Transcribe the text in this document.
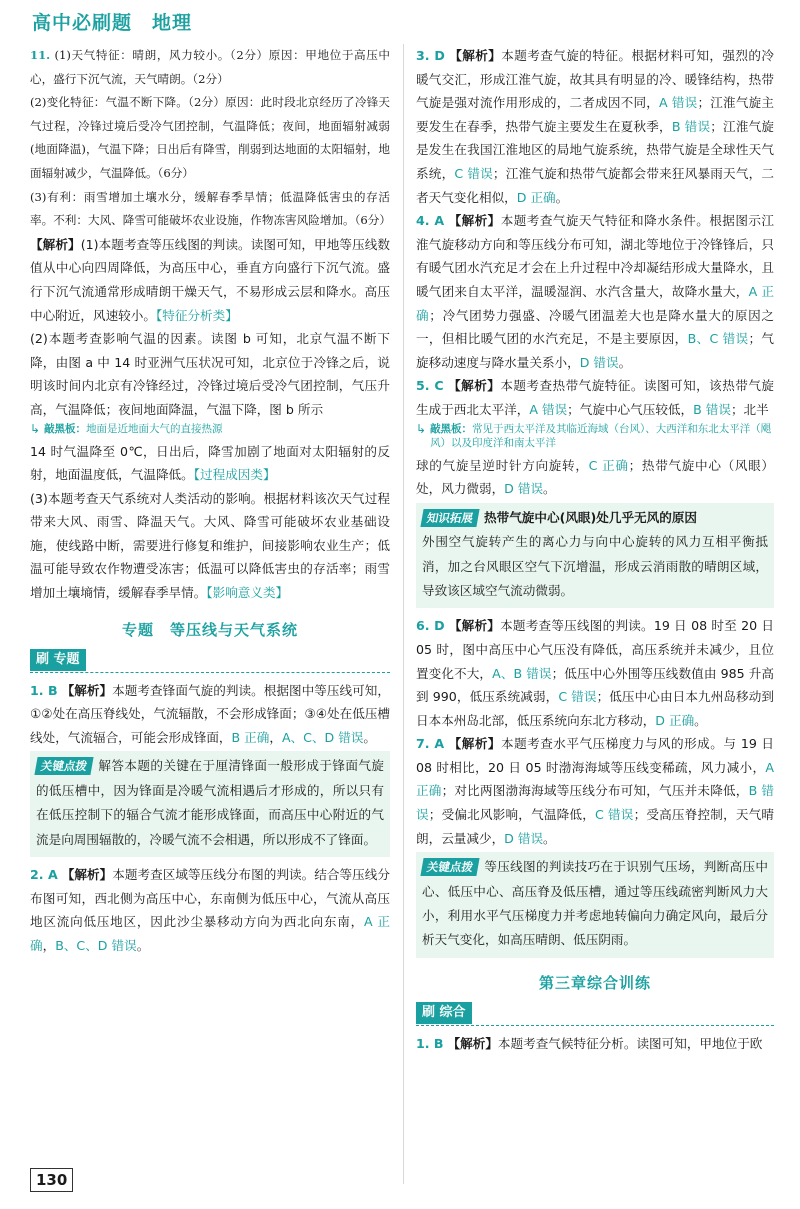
高中必刷题　地理

11. (1)天气特征：晴朗，风力较小。（2分）原因：甲地位于高压中心，盛行下沉气流，天气晴朗。（2分）

(2)变化特征：气温不断下降。（2分）原因：此时段北京经历了冷锋天气过程，冷锋过境后受冷气团控制，气温降低；夜间，地面辐射减弱(地面降温)，气温下降；日出后有降雪，削弱到达地面的太阳辐射，地面辐射减少，气温降低。（6分）

(3)有利：雨雪增加土壤水分，缓解春季旱情；低温降低害虫的存活率。不利：大风、降雪可能破坏农业设施，作物冻害风险增加。（6分）

【解析】(1)本题考查等压线图的判读。读图可知，甲地等压线数值从中心向四周降低，为高压中心，垂直方向盛行下沉气流。盛行下沉气流通常形成晴朗干燥天气，不易形成云层和降水。高压中心附近，风速较小。【特征分析类】

(2)本题考查影响气温的因素。读图 b 可知，北京气温不断下降，由图 a 中 14 时亚洲气压状况可知，北京位于冷锋之后，说明该时间内北京有冷锋经过，冷锋过境后受冷气团控制，气压升高，气温降低；夜间地面降温，气温下降，图 b 所示

↳ 敲黑板：地面是近地面大气的直接热源

14 时气温降至 0℃，日出后，降雪加剧了地面对太阳辐射的反射，地面温度低，气温降低。【过程成因类】

(3)本题考查天气系统对人类活动的影响。根据材料该次天气过程带来大风、雨雪、降温天气。大风、降雪可能破坏农业基础设施，使线路中断，需要进行修复和维护，间接影响农业生产；低温可能导致农作物遭受冻害；低温可以降低害虫的存活率；雨雪增加土壤墒情，缓解春季旱情。【影响意义类】

专题　等压线与天气系统
刷 专题

1. B 【解析】本题考查锋面气旋的判读。根据图中等压线可知，①②处在高压脊线处，气流辐散，不会形成锋面；③④处在低压槽线处，气流辐合，可能会形成锋面，B 正确，A、C、D 错误。

关键点拨 解答本题的关键在于厘清锋面一般形成于锋面气旋的低压槽中，因为锋面是冷暖气流相遇后才形成的，所以只有在低压控制下的辐合气流才能形成锋面，而高压中心附近的气流是向周围辐散的，冷暖气流不会相遇，所以形成不了锋面。

2. A 【解析】本题考查区域等压线分布图的判读。结合等压线分布图可知，西北侧为高压中心，东南侧为低压中心，气流从高压地区流向低压地区，因此沙尘暴移动方向为西北向东南，A 正确，B、C、D 错误。

3. D 【解析】本题考查气旋的特征。根据材料可知，强烈的冷暖气交汇，形成江淮气旋，故其具有明显的冷、暖锋结构，热带气旋是强对流作用形成的，二者成因不同，A 错误；江淮气旋主要发生在春季，热带气旋主要发生在夏秋季，B 错误；江淮气旋是发生在我国江淮地区的局地气旋系统，热带气旋是全球性天气系统，C 错误；江淮气旋和热带气旋都会带来狂风暴雨天气，二者天气变化相似，D 正确。

4. A 【解析】本题考查气旋天气特征和降水条件。根据图示江淮气旋移动方向和等压线分布可知，湖北等地位于冷锋锋后，只有暖气团水汽充足才会在上升过程中冷却凝结形成大量降水，且暖气团来自太平洋，温暖湿润、水汽含量大，故降水量大，A 正确；冷气团势力强盛、冷暖气团温差大也是降水量大的原因之一，但相比暖气团的水汽充足，不是主要原因，B、C 错误；气旋移动速度与降水量关系小，D 错误。

5. C 【解析】本题考查热带气旋特征。读图可知，该热带气旋生成于西北太平洋，A 错误；气旋中心气压较低，B 错误；北半

↳ 敲黑板：常见于西太平洋及其临近海域（台风）、大西洋和东北太平洋（飓风）以及印度洋和南太平洋

球的气旋呈逆时针方向旋转，C 正确；热带气旋中心（风眼）处，风力微弱，D 错误。

知识拓展 热带气旋中心(风眼)处几乎无风的原因

外围空气旋转产生的离心力与向中心旋转的风力互相平衡抵消，加之台风眼区空气下沉增温，形成云消雨散的晴朗区域，导致该区域空气流动微弱。

6. D 【解析】本题考查等压线图的判读。19 日 08 时至 20 日 05 时，图中高压中心气压没有降低，高压系统并未减少，且位置变化不大，A、B 错误；低压中心外围等压线数值由 985 升高到 990，低压系统减弱，C 错误；低压中心由日本九州岛移动到日本本州岛北部，低压系统向东北方移动，D 正确。

7. A 【解析】本题考查水平气压梯度力与风的形成。与 19 日 08 时相比，20 日 05 时渤海海域等压线变稀疏，风力减小，A 正确；对比两图渤海海域等压线分布可知，气压并未降低，B 错误；受偏北风影响，气温降低，C 错误；受高压脊控制，天气晴朗，云量减少，D 错误。

关键点拨 等压线图的判读技巧在于识别气压场，判断高压中心、低压中心、高压脊及低压槽，通过等压线疏密判断风力大小，利用水平气压梯度力并考虑地转偏向力确定风向，最后分析天气变化，如高压晴朗、低压阴雨。

第三章综合训练
刷 综合

1. B 【解析】本题考查气候特征分析。读图可知，甲地位于欧

130
